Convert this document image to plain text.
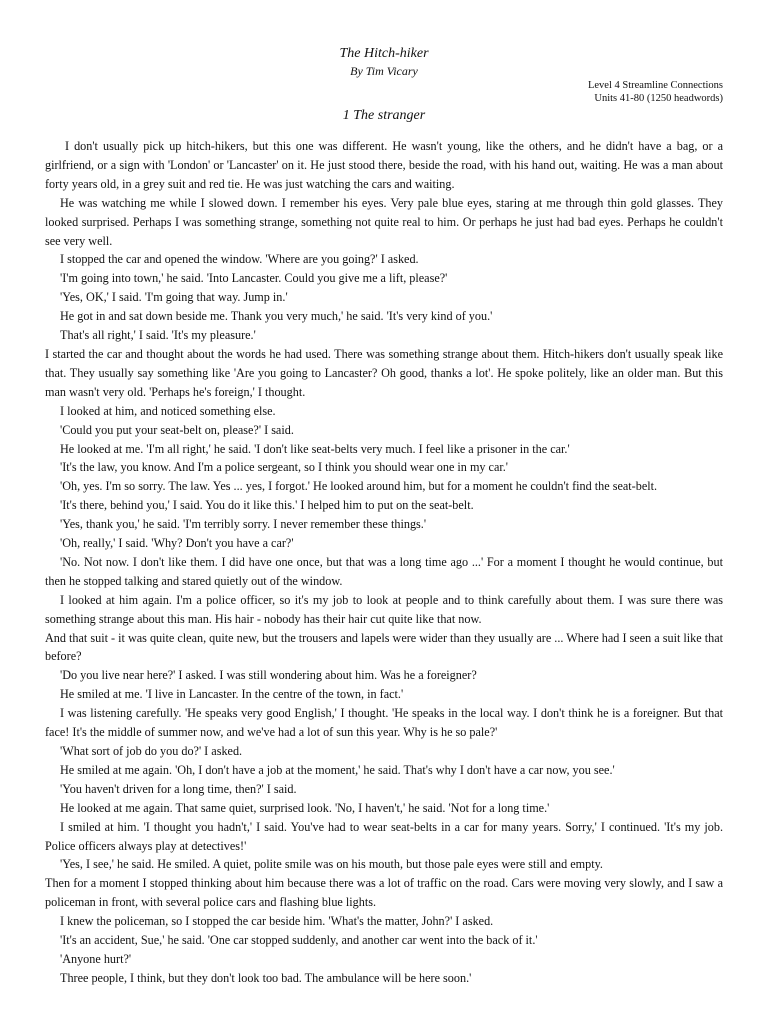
The Hitch-hiker
By Tim Vicary
Level 4 Streamline Connections
Units 41-80 (1250 headwords)
1 The stranger

I don't usually pick up hitch-hikers, but this one was different. He wasn't young, like the others, and he didn't have a bag, or a girlfriend, or a sign with 'London' or 'Lancaster' on it. He just stood there, beside the road, with his hand out, waiting. He was a man about forty years old, in a grey suit and red tie. He was just watching the cars and waiting.

He was watching me while I slowed down. I remember his eyes. Very pale blue eyes, staring at me through thin gold glasses. They looked surprised. Perhaps I was something strange, something not quite real to him. Or perhaps he just had bad eyes. Perhaps he couldn't see very well.

I stopped the car and opened the window. 'Where are you going?' I asked.

'I'm going into town,' he said. 'Into Lancaster. Could you give me a lift, please?'

'Yes, OK,' I said. 'I'm going that way. Jump in.'

He got in and sat down beside me. Thank you very much,' he said. 'It's very kind of you.'

That's all right,' I said. 'It's my pleasure.'

I started the car and thought about the words he had used. There was something strange about them. Hitch-hikers don't usually speak like that. They usually say something like 'Are you going to Lancaster? Oh good, thanks a lot'. He spoke politely, like an older man. But this man wasn't very old. 'Perhaps he's foreign,' I thought.

I looked at him, and noticed something else.

'Could you put your seat-belt on, please?' I said.

He looked at me. 'I'm all right,' he said. 'I don't like seat-belts very much. I feel like a prisoner in the car.'

'It's the law, you know. And I'm a police sergeant, so I think you should wear one in my car.'

'Oh, yes. I'm so sorry. The law. Yes ... yes, I forgot.' He looked around him, but for a moment he couldn't find the seat-belt.

'It's there, behind you,' I said. You do it like this.' I helped him to put on the seat-belt.

'Yes, thank you,' he said. 'I'm terribly sorry. I never remember these things.'

'Oh, really,' I said. 'Why? Don't you have a car?'

'No. Not now. I don't like them. I did have one once, but that was a long time ago ...' For a moment I thought he would continue, but then he stopped talking and stared quietly out of the window.

I looked at him again. I'm a police officer, so it's my job to look at people and to think carefully about them. I was sure there was something strange about this man. His hair - nobody has their hair cut quite like that now.

And that suit - it was quite clean, quite new, but the trousers and lapels were wider than they usually are ... Where had I seen a suit like that before?

'Do you live near here?' I asked. I was still wondering about him. Was he a foreigner?

He smiled at me. 'I live in Lancaster. In the centre of the town, in fact.'

I was listening carefully. 'He speaks very good English,' I thought. 'He speaks in the local way. I don't think he is a foreigner. But that face! It's the middle of summer now, and we've had a lot of sun this year. Why is he so pale?'

'What sort of job do you do?' I asked.

He smiled at me again. 'Oh, I don't have a job at the moment,' he said. That's why I don't have a car now, you see.'

'You haven't driven for a long time, then?' I said.

He looked at me again. That same quiet, surprised look. 'No, I haven't,' he said. 'Not for a long time.'

I smiled at him. 'I thought you hadn't,' I said. You've had to wear seat-belts in a car for many years. Sorry,' I continued. 'It's my job. Police officers always play at detectives!'

'Yes, I see,' he said. He smiled. A quiet, polite smile was on his mouth, but those pale eyes were still and empty.

Then for a moment I stopped thinking about him because there was a lot of traffic on the road. Cars were moving very slowly, and I saw a policeman in front, with several police cars and flashing blue lights.

I knew the policeman, so I stopped the car beside him. 'What's the matter, John?' I asked.

'It's an accident, Sue,' he said. 'One car stopped suddenly, and another car went into the back of it.'

'Anyone hurt?'

Three people, I think, but they don't look too bad. The ambulance will be here soon.'
